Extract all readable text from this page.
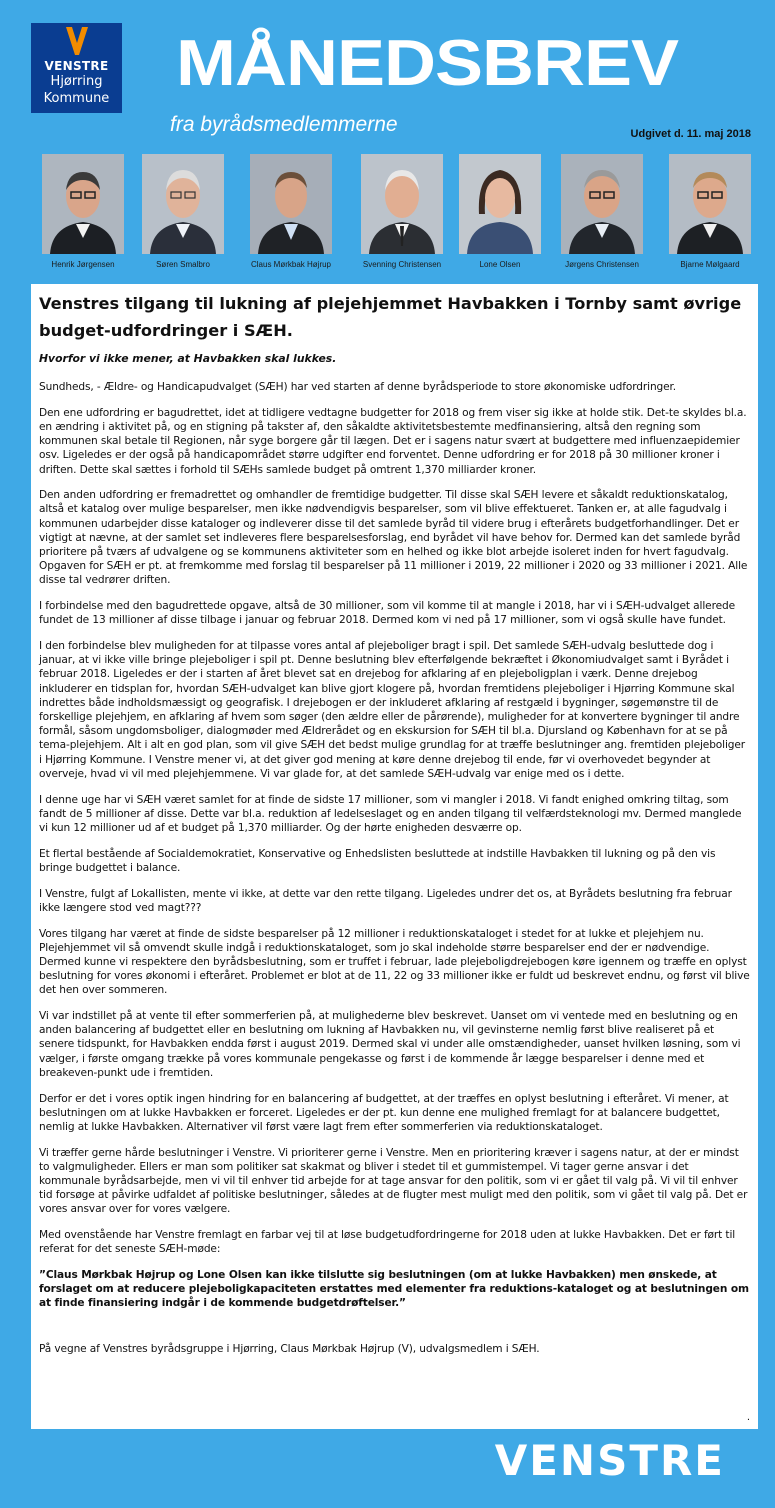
VENSTRE
Hjørring
Kommune MÅNEDSBREV
fra byrådsmedlemmerne	Udgivet d. 11. maj 2018
Henrik Jørgensen	Søren Smalbro	Claus Mørkbak Højrup	Svenning Christensen	Lone Olsen	Jørgens Christensen	Bjarne Mølgaard
Venstres tilgang til lukning af plejehjemmet Havbakken i Tornby samt øvrige budget-udfordringer i SÆH.
Hvorfor vi ikke mener, at Havbakken skal lukkes.

Sundheds, - Ældre- og Handicapudvalget (SÆH) har ved starten af denne byrådsperiode to store økonomiske udfordringer.

Den ene udfordring er bagudrettet, idet at tidligere vedtagne budgetter for 2018 og frem viser sig ikke at holde stik. Det-te skyldes bl.a. en ændring i aktivitet på, og en stigning på takster af, den såkaldte aktivitetsbestemte medfinansiering, altså den regning som kommunen skal betale til Regionen, når syge borgere går til lægen. Det er i sagens natur svært at budgettere med influenzaepidemier osv. Ligeledes er der også på handicapområdet større udgifter end forventet. Denne udfordring er for 2018 på 30 millioner kroner i driften. Dette skal sættes i forhold til SÆHs samlede budget på omtrent 1,370 milliarder kroner.

Den anden udfordring er fremadrettet og omhandler de fremtidige budgetter. Til disse skal SÆH levere et såkaldt reduktionskatalog, altså et katalog over mulige besparelser, men ikke nødvendigvis besparelser, som vil blive effektueret. Tanken er, at alle fagudvalg i kommunen udarbejder disse kataloger og indleverer disse til det samlede byråd til videre brug i efterårets budgetforhandlinger. Det er vigtigt at nævne, at der samlet set indleveres flere besparelsesforslag, end byrådet vil have behov for. Dermed kan det samlede byråd prioritere på tværs af udvalgene og se kommunens aktiviteter som en helhed og ikke blot arbejde isoleret inden for hvert fagudvalg. Opgaven for SÆH er pt. at fremkomme med forslag til besparelser på 11 millioner i 2019, 22 millioner i 2020 og 33 millioner i 2021. Alle disse tal vedrører driften.

I forbindelse med den bagudrettede opgave, altså de 30 millioner, som vil komme til at mangle i 2018, har vi i SÆH-udvalget allerede fundet de 13 millioner af disse tilbage i januar og februar 2018. Dermed kom vi ned på 17 millioner, som vi også skulle have fundet.

I den forbindelse blev muligheden for at tilpasse vores antal af plejeboliger bragt i spil. Det samlede SÆH-udvalg besluttede dog i januar, at vi ikke ville bringe plejeboliger i spil pt. Denne beslutning blev efterfølgende bekræftet i Økonomiudvalget samt i Byrådet i februar 2018. Ligeledes er der i starten af året blevet sat en drejebog for afklaring af en plejeboligplan i værk. Denne drejebog inkluderer en tidsplan for, hvordan SÆH-udvalget kan blive gjort klogere på, hvordan fremtidens plejeboliger i Hjørring Kommune skal indrettes både indholdsmæssigt og geografisk. I drejebogen er der inkluderet afklaring af restgæld i bygninger, søgemønstre til de forskellige plejehjem, en afklaring af hvem som søger (den ældre eller de pårørende), muligheder for at konvertere bygninger til andre formål, såsom ungdomsboliger, dialogmøder med Ældrerådet og en ekskursion for SÆH til bl.a. Djursland og København for at se på tema-plejehjem. Alt i alt en god plan, som vil give SÆH det bedst mulige grundlag for at træffe beslutninger ang. fremtiden plejeboliger i Hjørring Kommune. I Venstre mener vi, at det giver god mening at køre denne drejebog til ende, før vi overhovedet begynder at overveje, hvad vi vil med plejehjemmene. Vi var glade for, at det samlede SÆH-udvalg var enige med os i dette.

I denne uge har vi SÆH været samlet for at finde de sidste 17 millioner, som vi mangler i 2018. Vi fandt enighed omkring tiltag, som fandt de 5 millioner af disse. Dette var bl.a. reduktion af ledelseslaget og en anden tilgang til velfærdsteknologi mv. Dermed manglede vi kun 12 millioner ud af et budget på 1,370 milliarder. Og der hørte enigheden desværre op.

Et flertal bestående af Socialdemokratiet, Konservative og Enhedslisten besluttede at indstille Havbakken til lukning og på den vis bringe budgettet i balance.

I Venstre, fulgt af Lokallisten, mente vi ikke, at dette var den rette tilgang. Ligeledes undrer det os, at Byrådets beslutning fra februar ikke længere stod ved magt???

Vores tilgang har været at finde de sidste besparelser på 12 millioner i reduktionskataloget i stedet for at lukke et plejehjem nu. Plejehjemmet vil så omvendt skulle indgå i reduktionskataloget, som jo skal indeholde større besparelser end der er nødvendige. Dermed kunne vi respektere den byrådsbeslutning, som er truffet i februar, lade plejeboligdrejebogen køre igennem og træffe en oplyst beslutning for vores økonomi i efteråret. Problemet er blot at de 11, 22 og 33 millioner ikke er fuldt ud beskrevet endnu, og først vil blive det hen over sommeren.

Vi var indstillet på at vente til efter sommerferien på, at mulighederne blev beskrevet. Uanset om vi ventede med en beslutning og en anden balancering af budgettet eller en beslutning om lukning af Havbakken nu, vil gevinsterne nemlig først blive realiseret på et senere tidspunkt, for Havbakken endda først i august 2019. Dermed skal vi under alle omstændigheder, uanset hvilken løsning, som vi vælger, i første omgang trække på vores kommunale pengekasse og først i de kommende år lægge besparelser i denne med et breakeven-punkt ude i fremtiden.

Derfor er det i vores optik ingen hindring for en balancering af budgettet, at der træffes en oplyst beslutning i efteråret. Vi mener, at beslutningen om at lukke Havbakken er forceret. Ligeledes er der pt. kun denne ene mulighed fremlagt for at balancere budgettet, nemlig at lukke Havbakken. Alternativer vil først være lagt frem efter sommerferien via reduktionskataloget.

Vi træffer gerne hårde beslutninger i Venstre. Vi prioriterer gerne i Venstre. Men en prioritering kræver i sagens natur, at der er mindst to valgmuligheder. Ellers er man som politiker sat skakmat og bliver i stedet til et gummistempel. Vi tager gerne ansvar i det kommunale byrådsarbejde, men vi vil til enhver tid arbejde for at tage ansvar for den politik, som vi er gået til valg på. Vi vil til enhver tid forsøge at påvirke udfaldet af politiske beslutninger, således at de flugter mest muligt med den politik, som vi gået til valg på. Det er vores ansvar over for vores vælgere.

Med ovenstående har Venstre fremlagt en farbar vej til at løse budgetudfordringerne for 2018 uden at lukke Havbakken. Det er ført til referat for det seneste SÆH-møde:

”Claus Mørkbak Højrup og Lone Olsen kan ikke tilslutte sig beslutningen (om at lukke Havbakken) men ønskede, at forslaget om at reducere plejeboligkapaciteten erstattes med elementer fra reduktions-kataloget og at beslutningen om at finde finansiering indgår i de kommende budgetdrøftelser.”

På vegne af Venstres byrådsgruppe i Hjørring, Claus Mørkbak Højrup (V), udvalgsmedlem i SÆH.

.
VENSTRE
